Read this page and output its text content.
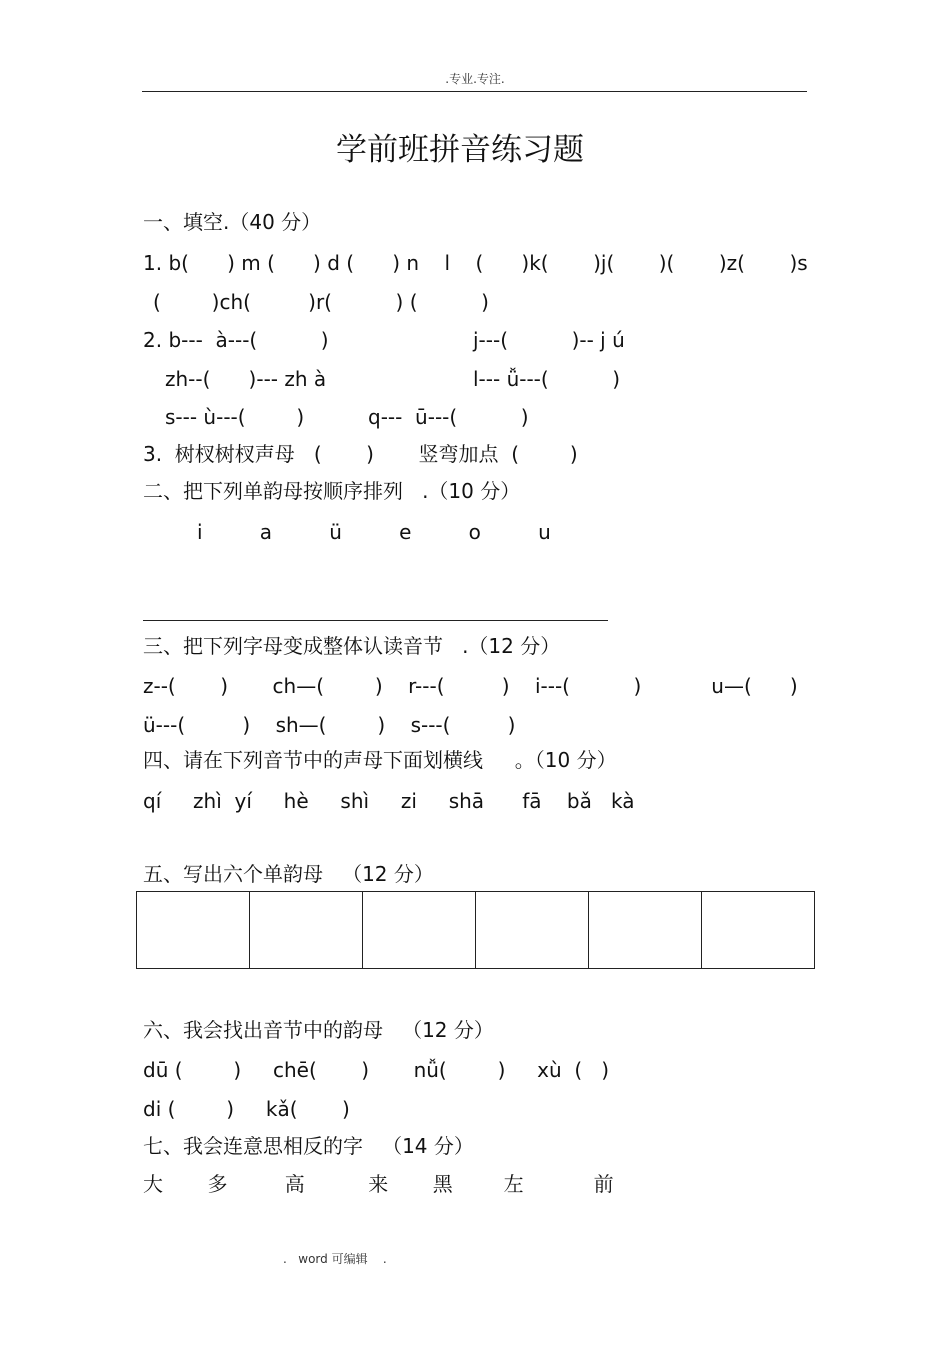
.专业.专注.
学前班拼音练习题
一、填空.（40 分）
1. b(      ) m (      ) d (      ) n    l    (      )k(       )j(       )(       )z(       )s
(        )ch(         )r(          ) (          )
2. b---  à---(          )	j---(          )-- j ú
zh--(      )--- zh à	l--- ǚ---(          )
s--- ù---(        )	q---  ū---(          )
3.  树杈树杈声母   (       )       竖弯加点  (        )
二、把下列单韵母按顺序排列   .（10 分）
i         a         ü         e         o         u
三、把下列字母变成整体认读音节   .（12 分）
z--(       )       ch—(        )    r---(         )    i---(          )           u—(      )
ü---(         )    sh—(        )    s---(         )
四、请在下列音节中的声母下面划横线     。（10 分）
qí     zhì  yí     hè     shì     zi     shā      fā    bǎ   kà
五、写出六个单韵母   （12 分）

六、我会找出音节中的韵母   （12 分）
dū (        )     chē(       )       nǚ(        )     xù  (   )
di (        )     kǎ(       )
七、我会连意思相反的字   （14 分）
大       多         高          来       黑        左           前
.   word 可编辑    .
